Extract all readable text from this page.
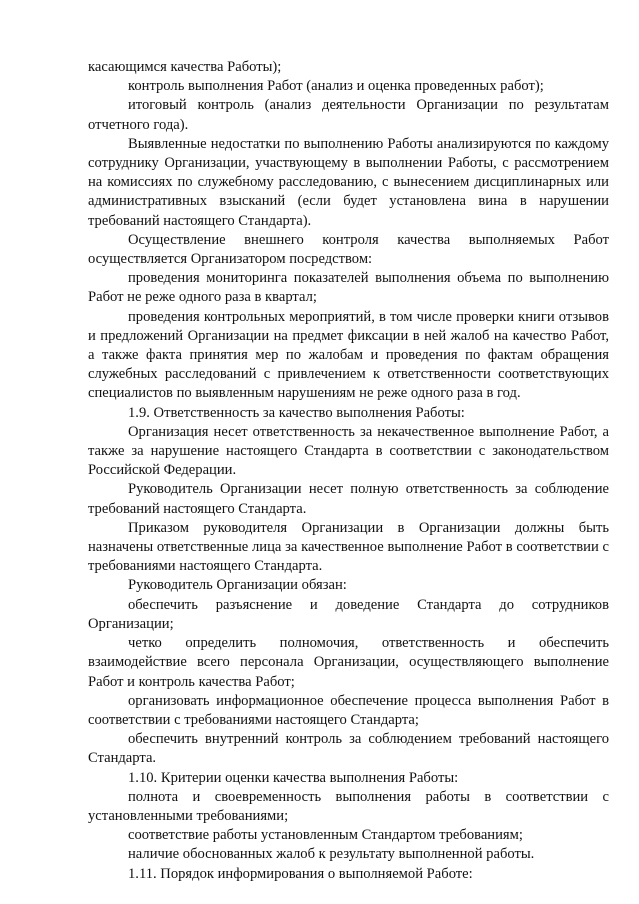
касающимся качества Работы);

контроль выполнения Работ (анализ и оценка проведенных работ);

итоговый контроль (анализ деятельности Организации по результатам отчетного года).

Выявленные недостатки по выполнению Работы анализируются по каждому сотруднику Организации, участвующему в выполнении Работы, с рассмотрением на комиссиях по служебному расследованию, с вынесением дисциплинарных или административных взысканий (если будет установлена вина в нарушении требований настоящего Стандарта).

Осуществление внешнего контроля качества выполняемых Работ осуществляется Организатором посредством:

проведения мониторинга показателей выполнения объема по выполнению Работ не реже одного раза в квартал;

проведения контрольных мероприятий, в том числе проверки книги отзывов и предложений Организации на предмет фиксации в ней жалоб на качество Работ, а также факта принятия мер по жалобам и проведения по фактам обращения служебных расследований с привлечением к ответственности соответствующих специалистов по выявленным нарушениям не реже одного раза в год.

1.9. Ответственность за качество выполнения Работы:

Организация несет ответственность за некачественное выполнение Работ, а также за нарушение настоящего Стандарта в соответствии с законодательством Российской Федерации.

Руководитель Организации несет полную ответственность за соблюдение требований настоящего Стандарта.

Приказом руководителя Организации в Организации должны быть назначены ответственные лица за качественное выполнение Работ в соответствии с требованиями настоящего Стандарта.

Руководитель Организации обязан:

обеспечить разъяснение и доведение Стандарта до сотрудников Организации;

четко определить полномочия, ответственность и обеспечить взаимодействие всего персонала Организации, осуществляющего выполнение Работ и контроль качества Работ;

организовать информационное обеспечение процесса выполнения Работ в соответствии с требованиями настоящего Стандарта;

обеспечить внутренний контроль за соблюдением требований настоящего Стандарта.

1.10. Критерии оценки качества выполнения Работы:

полнота и своевременность выполнения работы в соответствии с установленными требованиями;

соответствие работы установленным Стандартом требованиям;

наличие обоснованных жалоб к результату выполненной работы.

1.11. Порядок информирования о выполняемой Работе:
